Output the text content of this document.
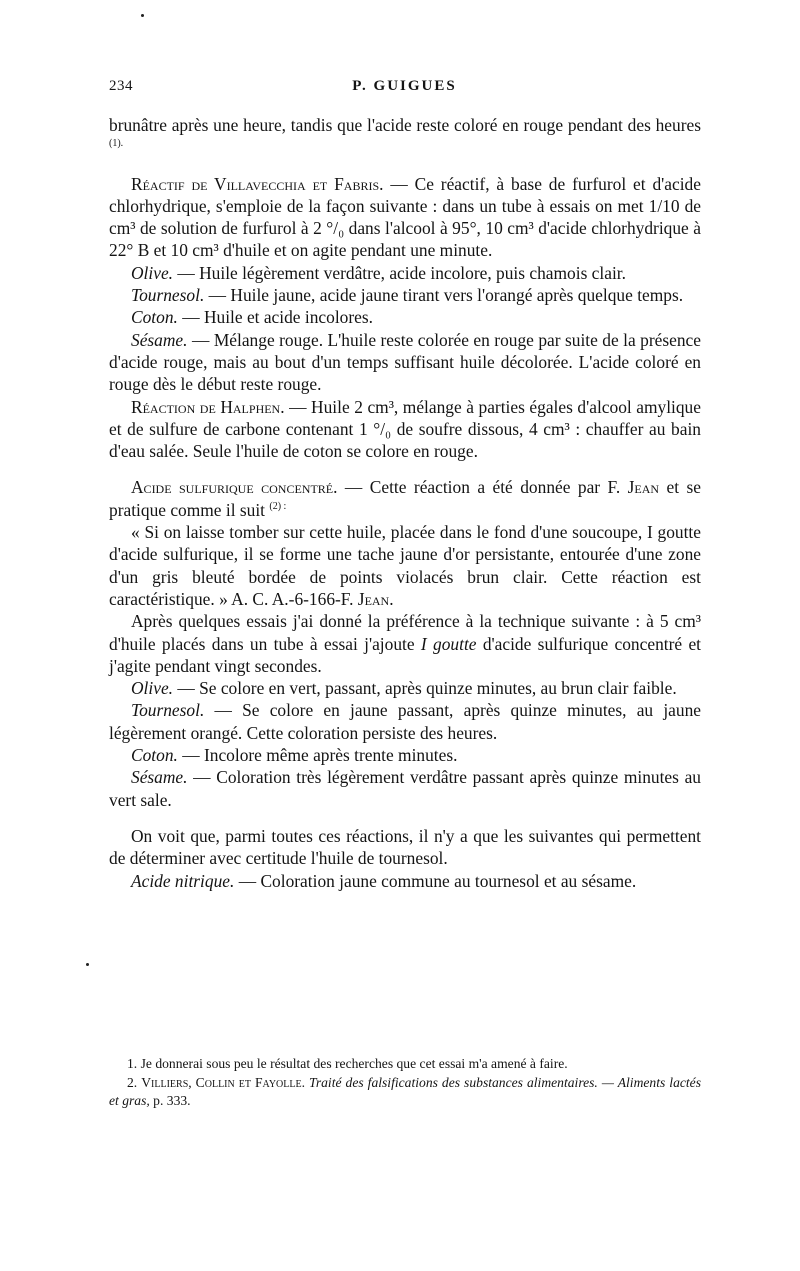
234	P. GUIGUES

brunâtre après une heure, tandis que l'acide reste coloré en rouge pendant des heures $^{(1).}$

Réactif de Villavecchia et Fabris. — Ce réactif, à base de furfurol et d'acide chlorhydrique, s'emploie de la façon suivante : dans un tube à essais on met 1/10 de cm³ de solution de furfurol à 2 °/₀ dans l'alcool à 95°, 10 cm³ d'acide chlorhydrique à 22° B et 10 cm³ d'huile et on agite pendant une minute.

Olive. — Huile légèrement verdâtre, acide incolore, puis chamois clair.

Tournesol. — Huile jaune, acide jaune tirant vers l'orangé après quelque temps.

Coton. — Huile et acide incolores.

Sésame. — Mélange rouge. L'huile reste colorée en rouge par suite de la présence d'acide rouge, mais au bout d'un temps suffisant huile décolorée. L'acide coloré en rouge dès le début reste rouge.

Réaction de Halphen. — Huile 2 cm³, mélange à parties égales d'alcool amylique et de sulfure de carbone contenant 1 °/₀ de soufre dissous, 4 cm³ : chauffer au bain d'eau salée. Seule l'huile de coton se colore en rouge.

Acide sulfurique concentré. — Cette réaction a été donnée par F. Jean et se pratique comme il suit $^{(2) :}$

« Si on laisse tomber sur cette huile, placée dans le fond d'une soucoupe, I goutte d'acide sulfurique, il se forme une tache jaune d'or persistante, entourée d'une zone d'un gris bleuté bordée de points violacés brun clair. Cette réaction est caractéristique. » A. C. A.-6-166-F. Jean.

Après quelques essais j'ai donné la préférence à la technique suivante : à 5 cm³ d'huile placés dans un tube à essai j'ajoute I goutte d'acide sulfurique concentré et j'agite pendant vingt secondes.

Olive. — Se colore en vert, passant, après quinze minutes, au brun clair faible.

Tournesol. — Se colore en jaune passant, après quinze minutes, au jaune légèrement orangé. Cette coloration persiste des heures.

Coton. — Incolore même après trente minutes.

Sésame. — Coloration très légèrement verdâtre passant après quinze minutes au vert sale.

On voit que, parmi toutes ces réactions, il n'y a que les suivantes qui permettent de déterminer avec certitude l'huile de tournesol.

Acide nitrique. — Coloration jaune commune au tournesol et au sésame.

1. Je donnerai sous peu le résultat des recherches que cet essai m'a amené à faire.

2. Villiers, Collin et Fayolle. Traité des falsifications des substances alimentaires. — Aliments lactés et gras, p. 333.
